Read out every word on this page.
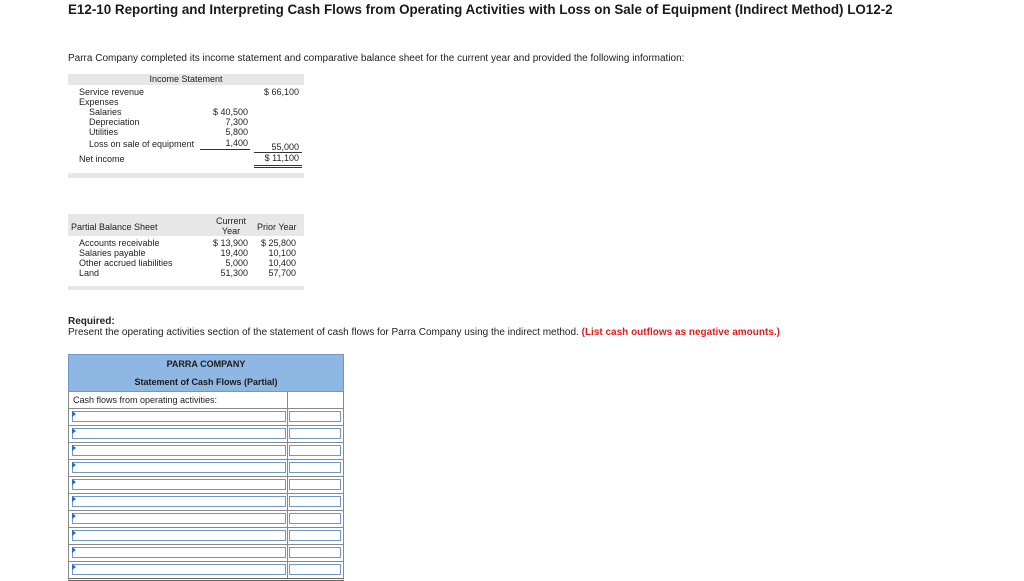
E12-10 Reporting and Interpreting Cash Flows from Operating Activities with Loss on Sale of Equipment (Indirect Method) LO12-2
Parra Company completed its income statement and comparative balance sheet for the current year and provided the following information:
Income Statement
Service revenue	$ 66,100
Expenses
Salaries	$ 40,500
Depreciation	7,300
Utilities	5,800
Loss on sale of equipment	1,400	55,000
Net income	$ 11,100
Partial Balance Sheet
Current
Year	Prior Year
Accounts receivable	$ 13,900	$ 25,800
Salaries payable	19,400	10,100
Other accrued liabilities	5,000	10,400
Land	51,300	57,700
Required:
Present the operating activities section of the statement of cash flows for Parra Company using the indirect method. (List cash outflows as negative amounts.)
PARRA COMPANY
Statement of Cash Flows (Partial)
Cash flows from operating activities:
